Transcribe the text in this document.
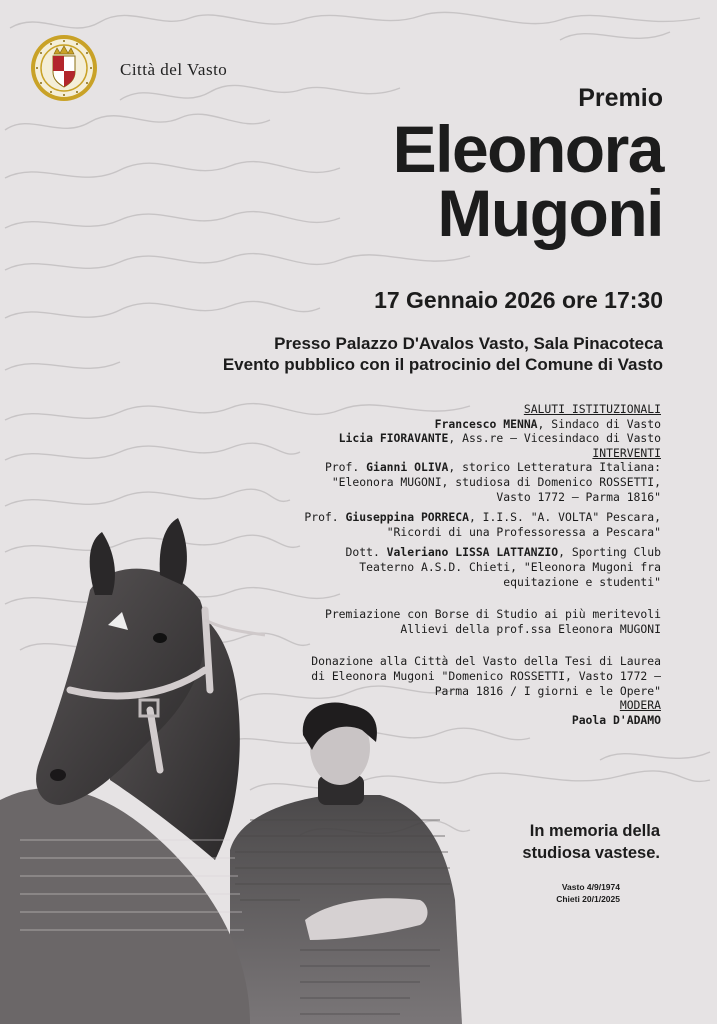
Città del Vasto
Premio
Eleonora
Mugoni
17 Gennaio 2026 ore 17:30
Presso Palazzo D'Avalos Vasto, Sala Pinacoteca
Evento pubblico con il patrocinio del Comune di Vasto
SALUTI ISTITUZIONALI
Francesco MENNA, Sindaco di Vasto
Licia FIORAVANTE, Ass.re – Vicesindaco di Vasto
INTERVENTI
Prof. Gianni OLIVA, storico Letteratura Italiana:
"Eleonora MUGONI, studiosa di Domenico ROSSETTI,
Vasto 1772 – Parma 1816"
Prof. Giuseppina PORRECA, I.I.S. "A. VOLTA" Pescara,
"Ricordi di una Professoressa a Pescara"
Dott. Valeriano LISSA LATTANZIO, Sporting Club
Teaterno A.S.D. Chieti, "Eleonora Mugoni fra
equitazione e studenti"
Premiazione con Borse di Studio ai più meritevoli
Allievi della prof.ssa Eleonora MUGONI
Donazione alla Città del Vasto della Tesi di Laurea
di Eleonora Mugoni "Domenico ROSSETTI, Vasto 1772 –
Parma 1816 / I giorni e le Opere"
MODERA
Paola D'ADAMO
In memoria della
studiosa vastese.
Vasto 4/9/1974
Chieti 20/1/2025
